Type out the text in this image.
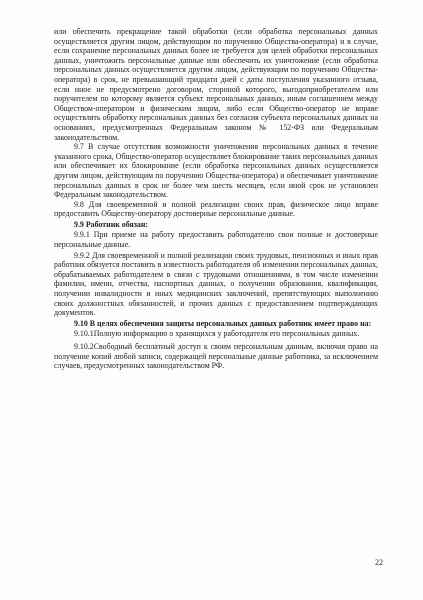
или обеспечить прекращение такой обработки (если обработка персональных данных осуществляется другим лицом, действующим по поручению Общества-оператора) и в случае, если сохранение персональных данных более не требуется для целей обработки персональных данных, уничтожить персональные данные или обеспечить их уничтожение (если обработка персональных данных осуществляется другим лицом, действующим по поручению Общества-оператора) в срок, не превышающий тридцати дней с даты поступления указанного отзыва, если иное не предусмотрено договором, стороной которого, выгодоприобретателем или поручителем по которому является субъект персональных данных, иным соглашением между Обществом-оператором и физическим лицом, либо если Общество-оператор не вправе осуществлять обработку персональных данных без согласия субъекта персональных данных на основаниях, предусмотренных Федеральным законом № 152-ФЗ или Федеральным законодательством.

9.7 В случае отсутствия возможности уничтожения персональных данных в течение указанного срока, Общество-оператор осуществляет блокирование таких персональных данных или обеспечивает их блокирование (если обработка персональных данных осуществляется другим лицом, действующим по поручению Общества-оператора) и обеспечивает уничтожение персональных данных в срок не более чем шесть месяцев, если иной срок не установлен Федеральным законодательством.

9.8 Для своевременной и полной реализации своих прав, физическое лицо вправе предоставить Обществу-оператору достоверные персональные данные.

9.9 Работник обязан:

9.9.1 При приеме на работу предоставить работодателю свои полные и достоверные персональные данные.

9.9.2 Для своевременной и полной реализации своих трудовых, пенсионных и иных прав работник обязуется поставить в известность работодателя об изменении персональных данных, обрабатываемых работодателем в связи с трудовыми отношениями, в том числе изменении фамилии, имени, отчества, паспортных данных, о получении образования, квалификации, получении инвалидности и иных медицинских заключений, препятствующих выполнению своих должностных обязанностей, и прочих данных с предоставлением подтверждающих документов.

9.10 В целях обеспечения защиты персональных данных работник имеет право на:

9.10.1Полную информацию о хранящихся у работодателя его персональных данных.

9.10.2Свободный бесплатный доступ к своим персональным данным, включая право на получение копий любой записи, содержащей персональные данные работника, за исключением случаев, предусмотренных законодательством РФ.

22
